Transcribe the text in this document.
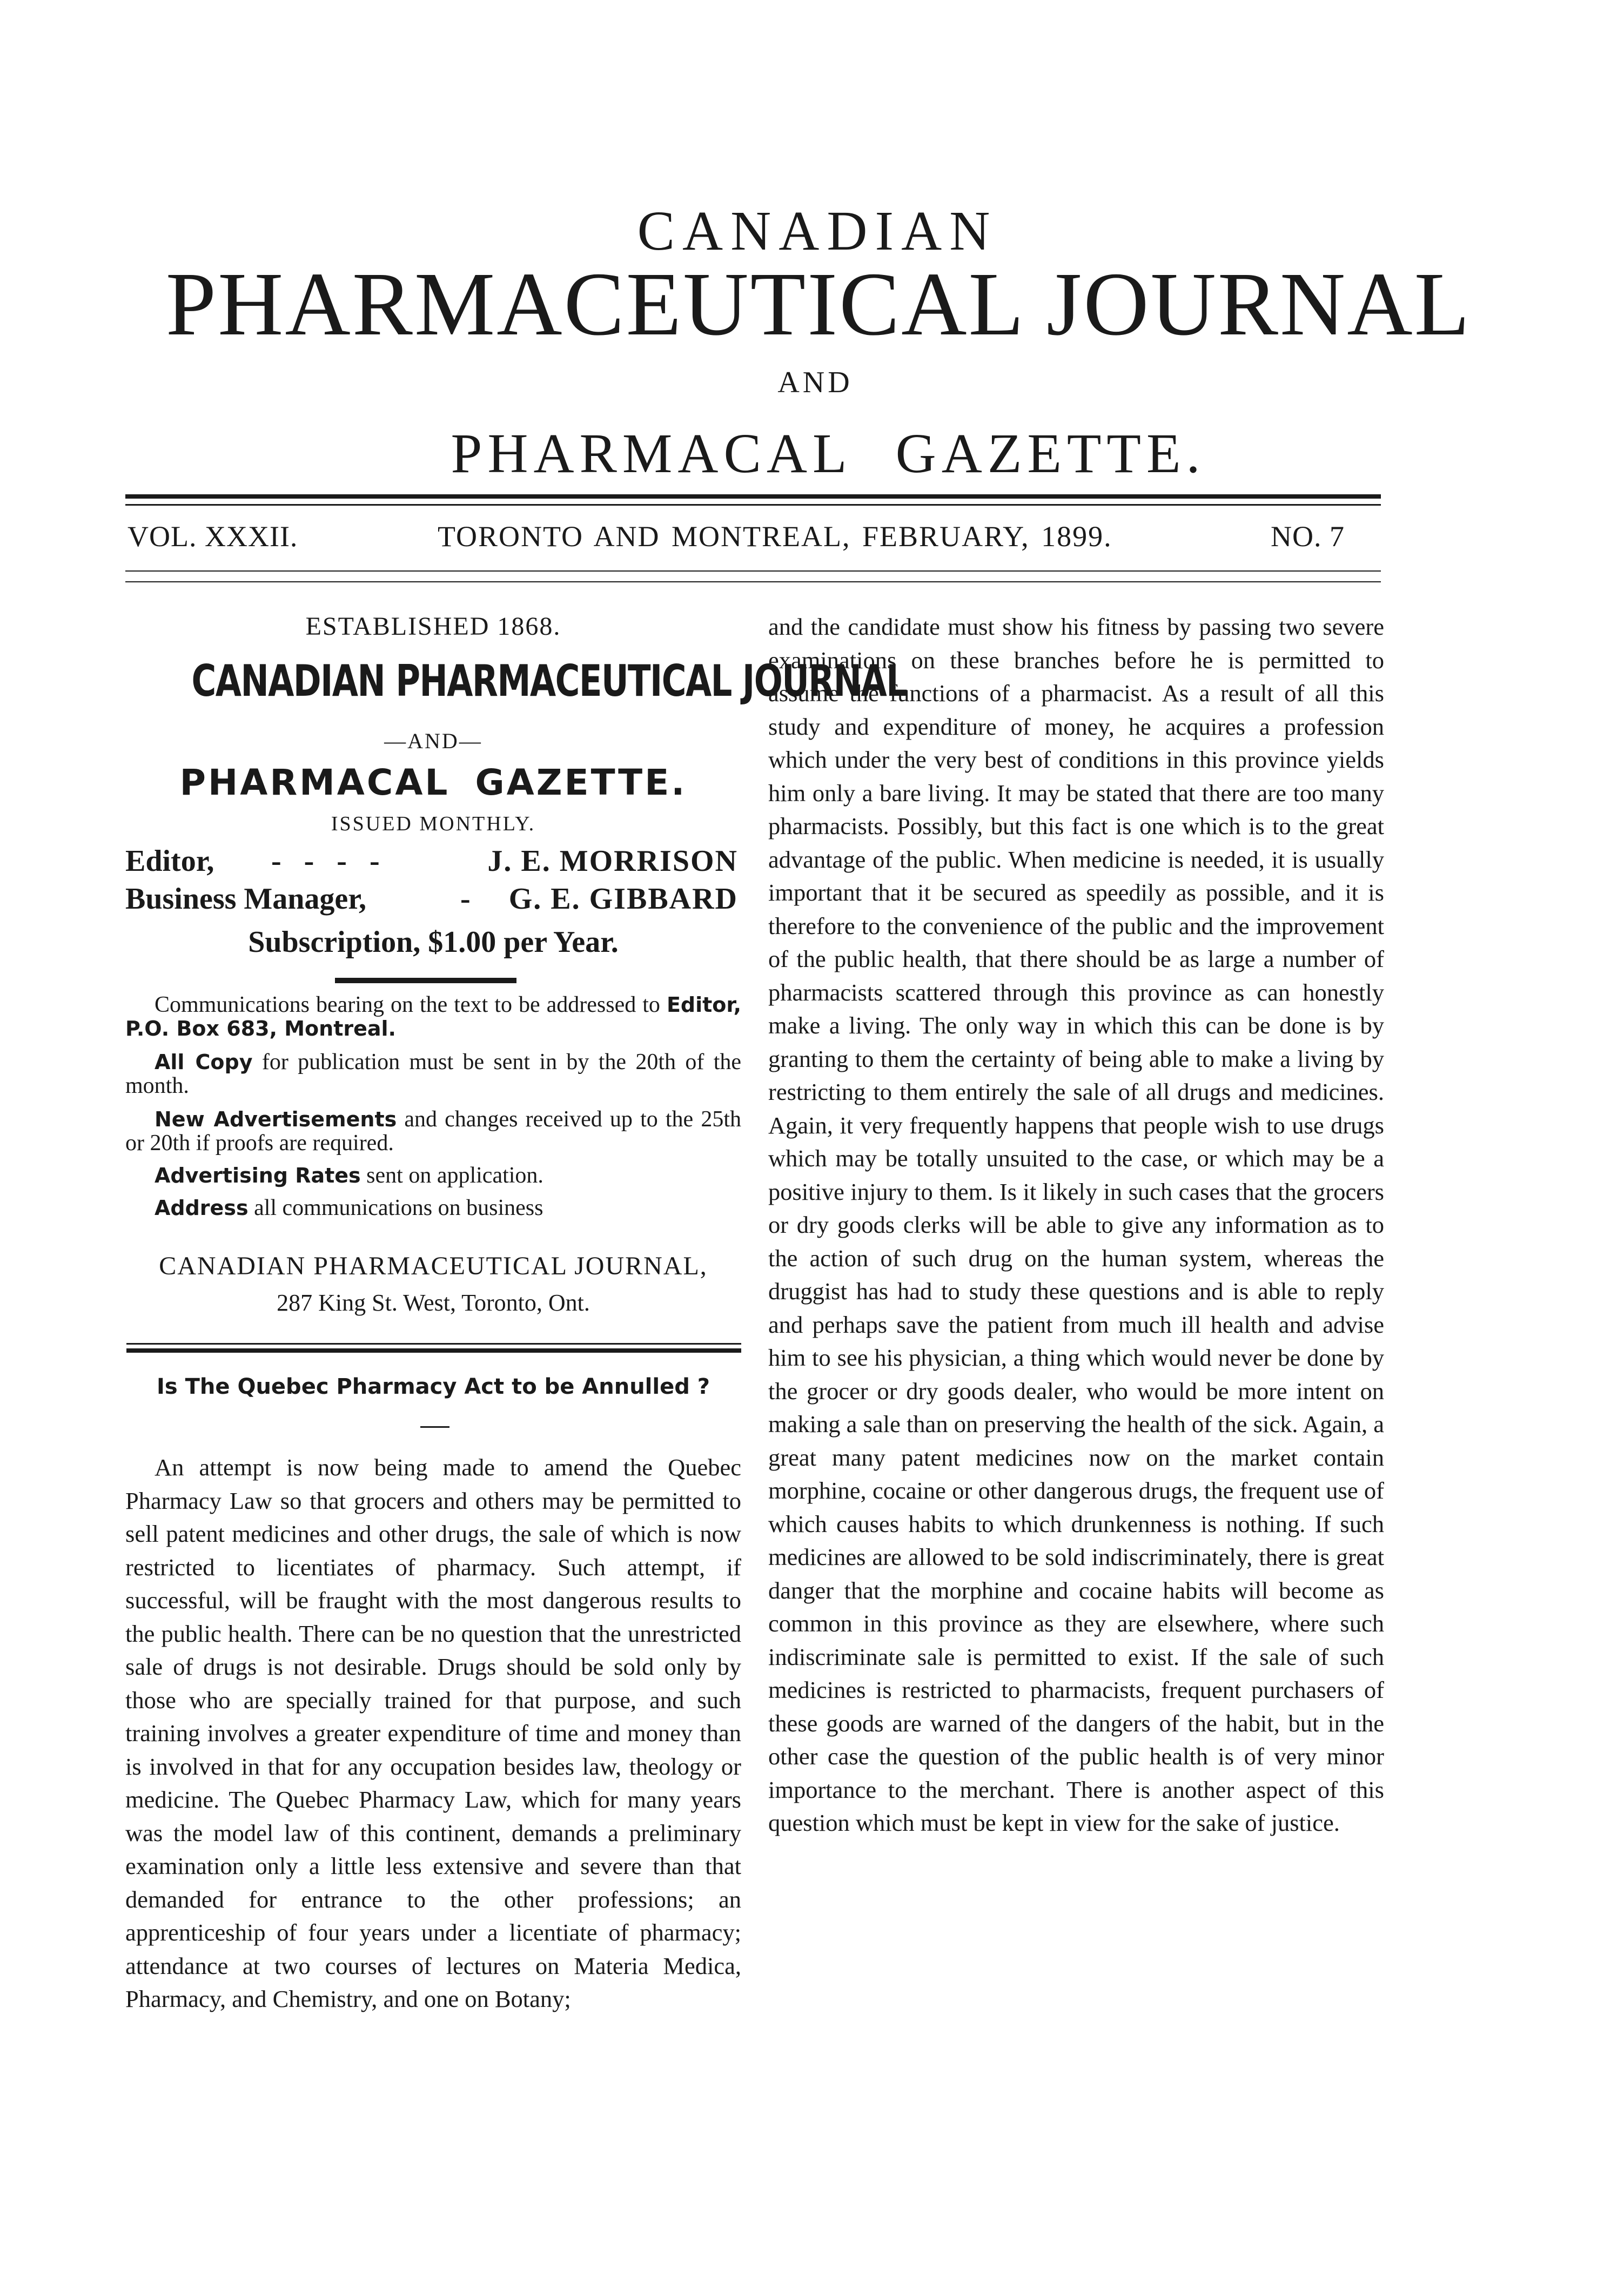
CANADIAN
PHARMACEUTICAL JOURNAL
AND
PHARMACAL GAZETTE.
VOL. XXXII.	TORONTO AND MONTREAL, FEBRUARY, 1899.	NO. 7
ESTABLISHED 1868.
CANADIAN PHARMACEUTICAL JOURNAL
—AND—
PHARMACAL GAZETTE.
ISSUED MONTHLY.
Editor, - - - -	J. E. MORRISON
Business Manager,	- G. E. GIBBARD
Subscription, $1.00 per Year.

Communications bearing on the text to be addressed to Editor, P.O. Box 683, Montreal.

All Copy for publication must be sent in by the 20th of the month.

New Advertisements and changes received up to the 25th or 20th if proofs are required.

Advertising Rates sent on application.

Address all communications on business

CANADIAN PHARMACEUTICAL JOURNAL,
287 King St. West, Toronto, Ont.
Is The Quebec Pharmacy Act to be Annulled ?

An attempt is now being made to amend the Quebec Pharmacy Law so that grocers and others may be permitted to sell patent medicines and other drugs, the sale of which is now restricted to licentiates of pharmacy. Such attempt, if successful, will be fraught with the most dangerous results to the public health. There can be no question that the unrestricted sale of drugs is not desirable. Drugs should be sold only by those who are specially trained for that purpose, and such training involves a greater expenditure of time and money than is involved in that for any occupation besides law, theology or medicine. The Quebec Pharmacy Law, which for many years was the model law of this continent, demands a preliminary examination only a little less extensive and severe than that demanded for entrance to the other professions; an apprenticeship of four years under a licentiate of pharmacy; attendance at two courses of lectures on Materia Medica, Pharmacy, and Chemistry, and one on Botany;

and the candidate must show his fitness by passing two severe examinations on these branches before he is permitted to assume the functions of a pharmacist. As a result of all this study and expenditure of money, he acquires a profession which under the very best of conditions in this province yields him only a bare living. It may be stated that there are too many pharmacists. Possibly, but this fact is one which is to the great advantage of the public. When medicine is needed, it is usually important that it be secured as speedily as possible, and it is therefore to the convenience of the public and the improvement of the public health, that there should be as large a number of pharmacists scattered through this province as can honestly make a living. The only way in which this can be done is by granting to them the certainty of being able to make a living by restricting to them entirely the sale of all drugs and medicines. Again, it very frequently happens that people wish to use drugs which may be totally unsuited to the case, or which may be a positive injury to them. Is it likely in such cases that the grocers or dry goods clerks will be able to give any information as to the action of such drug on the human system, whereas the druggist has had to study these questions and is able to reply and perhaps save the patient from much ill health and advise him to see his physician, a thing which would never be done by the grocer or dry goods dealer, who would be more intent on making a sale than on preserving the health of the sick. Again, a great many patent medicines now on the market contain morphine, cocaine or other dangerous drugs, the frequent use of which causes habits to which drunkenness is nothing. If such medicines are allowed to be sold indiscriminately, there is great danger that the morphine and cocaine habits will become as common in this province as they are elsewhere, where such indiscriminate sale is permitted to exist. If the sale of such medicines is restricted to pharmacists, frequent purchasers of these goods are warned of the dangers of the habit, but in the other case the question of the public health is of very minor importance to the merchant. There is another aspect of this question which must be kept in view for the sake of justice.
